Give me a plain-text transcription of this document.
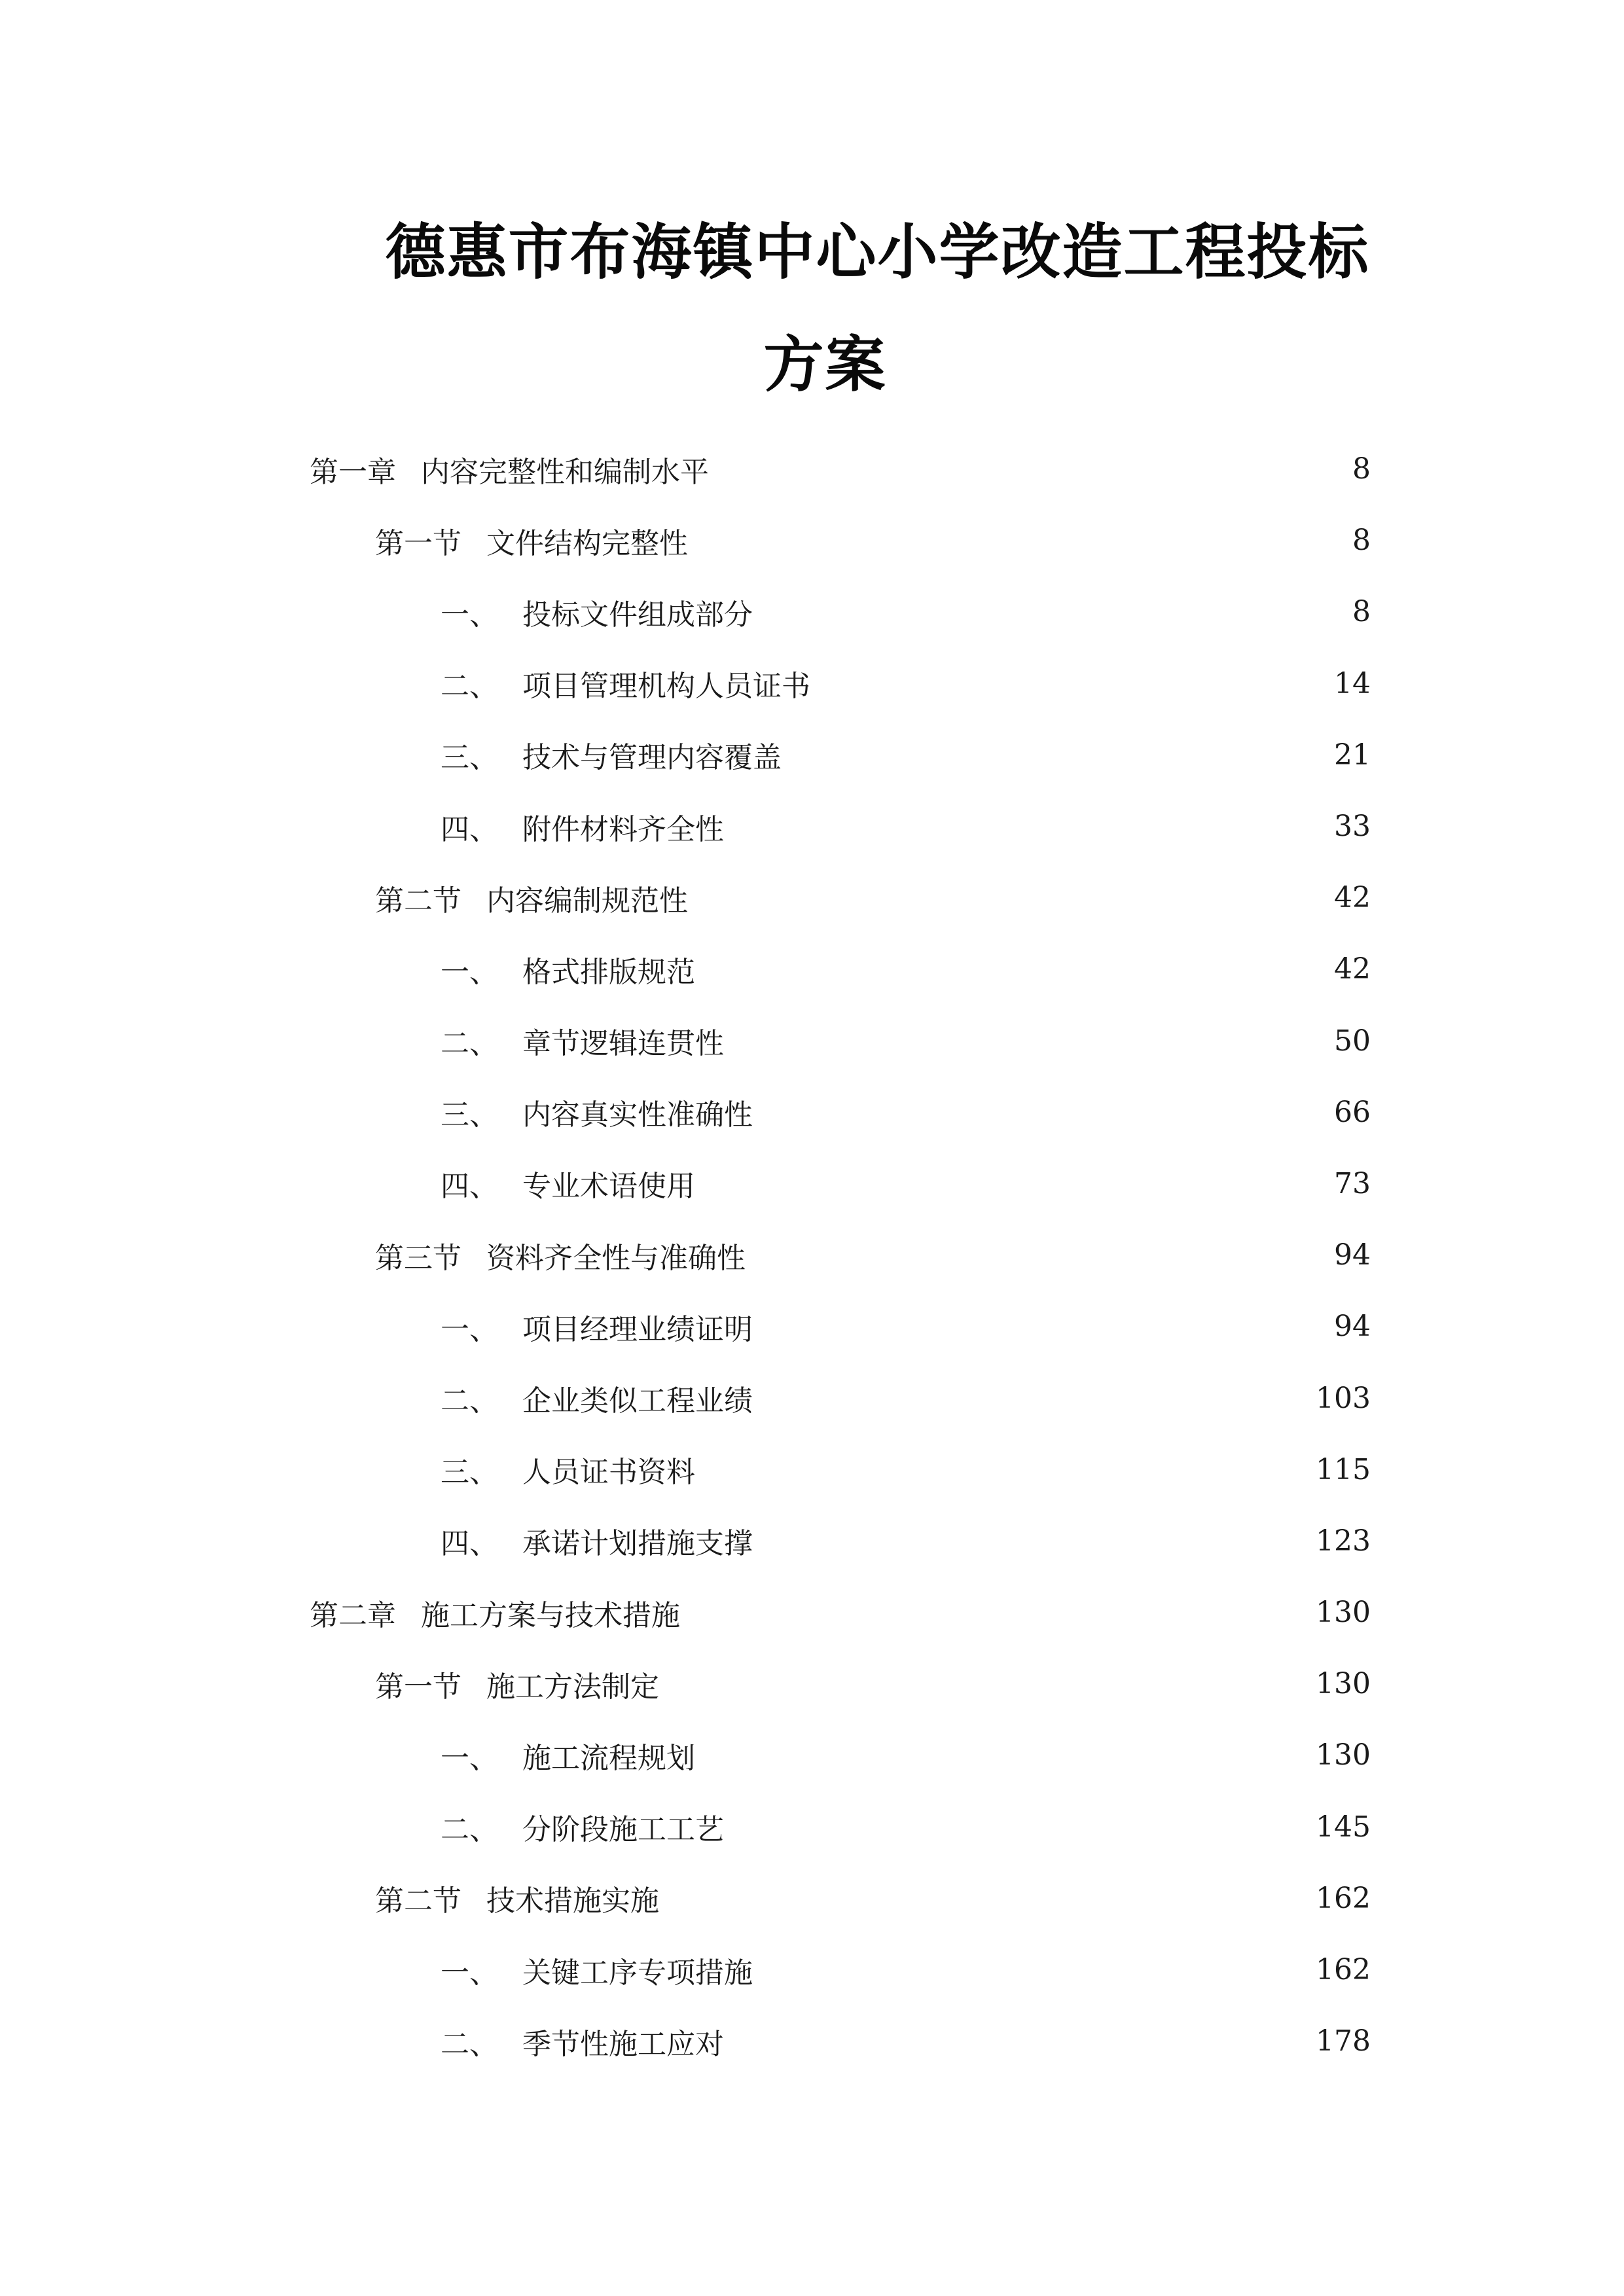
德惠市布海镇中心小学改造工程投标
方案
第一章 内容完整性和编制水平	8
第一节 文件结构完整性	8
一、 投标文件组成部分	8
二、 项目管理机构人员证书	14
三、 技术与管理内容覆盖	21
四、 附件材料齐全性	33
第二节 内容编制规范性	42
一、 格式排版规范	42
二、 章节逻辑连贯性	50
三、 内容真实性准确性	66
四、 专业术语使用	73
第三节 资料齐全性与准确性	94
一、 项目经理业绩证明	94
二、 企业类似工程业绩	103
三、 人员证书资料	115
四、 承诺计划措施支撑	123
第二章 施工方案与技术措施	130
第一节 施工方法制定	130
一、 施工流程规划	130
二、 分阶段施工工艺	145
第二节 技术措施实施	162
一、 关键工序专项措施	162
二、 季节性施工应对	178
